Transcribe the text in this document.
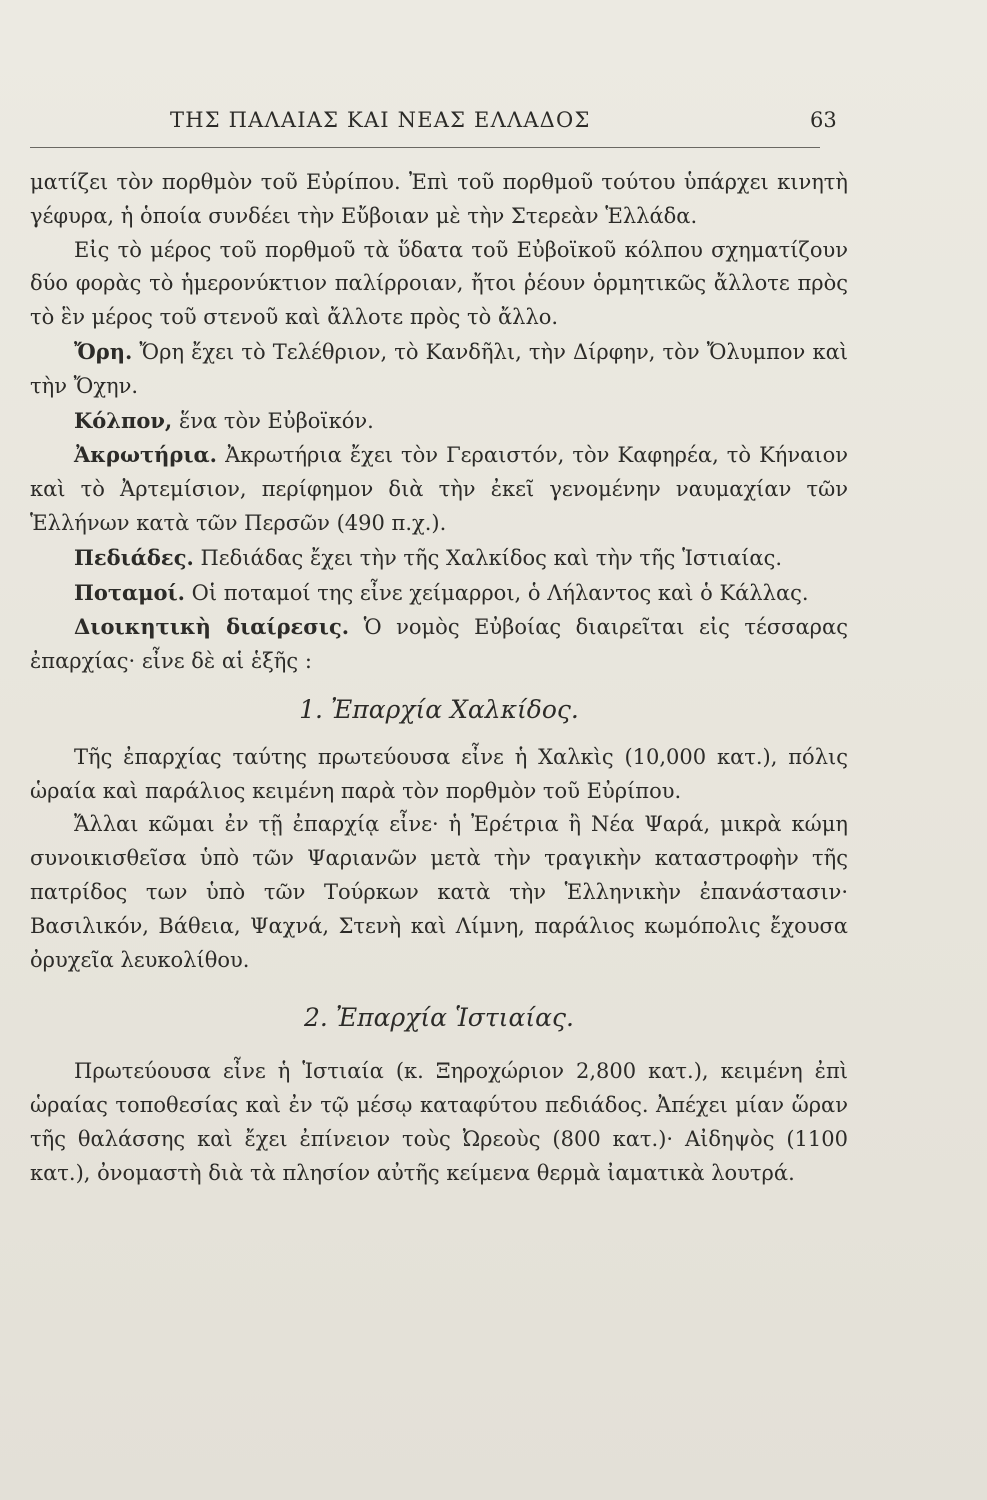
ΤΗΣ ΠΑΛΑΙΑΣ ΚΑΙ ΝΕΑΣ ΕΛΛΑΔΟΣ	63

ματίζει τὸν πορθμὸν τοῦ Εὐρίπου. Ἐπὶ τοῦ πορθμοῦ τούτου ὑπάρχει κινητὴ γέφυρα, ἡ ὁποία συνδέει τὴν Εὔβοιαν μὲ τὴν Στερεὰν Ἑλλάδα.

Εἰς τὸ μέρος τοῦ πορθμοῦ τὰ ὕδατα τοῦ Εὐβοϊκοῦ κόλπου σχηματίζουν δύο φορὰς τὸ ἡμερονύκτιον παλίρροιαν, ἤτοι ῥέουν ὁρμητικῶς ἄλλοτε πρὸς τὸ ἓν μέρος τοῦ στενοῦ καὶ ἄλλοτε πρὸς τὸ ἄλλο.

Ὄρη. Ὄρη ἔχει τὸ Τελέθριον, τὸ Κανδῆλι, τὴν Δίρφην, τὸν Ὄλυμπον καὶ τὴν Ὄχην.

Κόλπον, ἕνα τὸν Εὐβοϊκόν.

Ἀκρωτήρια. Ἀκρωτήρια ἔχει τὸν Γεραιστόν, τὸν Καφηρέα, τὸ Κήναιον καὶ τὸ Ἀρτεμίσιον, περίφημον διὰ τὴν ἐκεῖ γενομένην ναυμαχίαν τῶν Ἑλλήνων κατὰ τῶν Περσῶν (490 π.χ.).

Πεδιάδες. Πεδιάδας ἔχει τὴν τῆς Χαλκίδος καὶ τὴν τῆς Ἱστιαίας.

Ποταμοί. Οἱ ποταμοί της εἶνε χείμαρροι, ὁ Λήλαντος καὶ ὁ Κάλλας.

Διοικητικὴ διαίρεσις. Ὁ νομὸς Εὐβοίας διαιρεῖται εἰς τέσσαρας ἐπαρχίας· εἶνε δὲ αἱ ἑξῆς :

1. Ἐπαρχία Χαλκίδος.

Τῆς ἐπαρχίας ταύτης πρωτεύουσα εἶνε ἡ Χαλκὶς (10,000 κατ.), πόλις ὡραία καὶ παράλιος κειμένη παρὰ τὸν πορθμὸν τοῦ Εὐρίπου.

Ἄλλαι κῶμαι ἐν τῇ ἐπαρχίᾳ εἶνε· ἡ Ἐρέτρια ἢ Νέα Ψαρά, μικρὰ κώμη συνοικισθεῖσα ὑπὸ τῶν Ψαριανῶν μετὰ τὴν τραγικὴν καταστροφὴν τῆς πατρίδος των ὑπὸ τῶν Τούρκων κατὰ τὴν Ἑλληνικὴν ἐπανάστασιν· Βασιλικόν, Βάθεια, Ψαχνά, Στενὴ καὶ Λίμνη, παράλιος κωμόπολις ἔχουσα ὀρυχεῖα λευκολίθου.

2. Ἐπαρχία Ἱστιαίας.

Πρωτεύουσα εἶνε ἡ Ἱστιαία (κ. Ξηροχώριον 2,800 κατ.), κειμένη ἐπὶ ὡραίας τοποθεσίας καὶ ἐν τῷ μέσῳ καταφύτου πεδιάδος. Ἀπέχει μίαν ὥραν τῆς θαλάσσης καὶ ἔχει ἐπίνειον τοὺς Ὠρεοὺς (800 κατ.)· Αἰδηψὸς (1100 κατ.), ὀνομαστὴ διὰ τὰ πλησίον αὐτῆς κείμενα θερμὰ ἰαματικὰ λουτρά.
